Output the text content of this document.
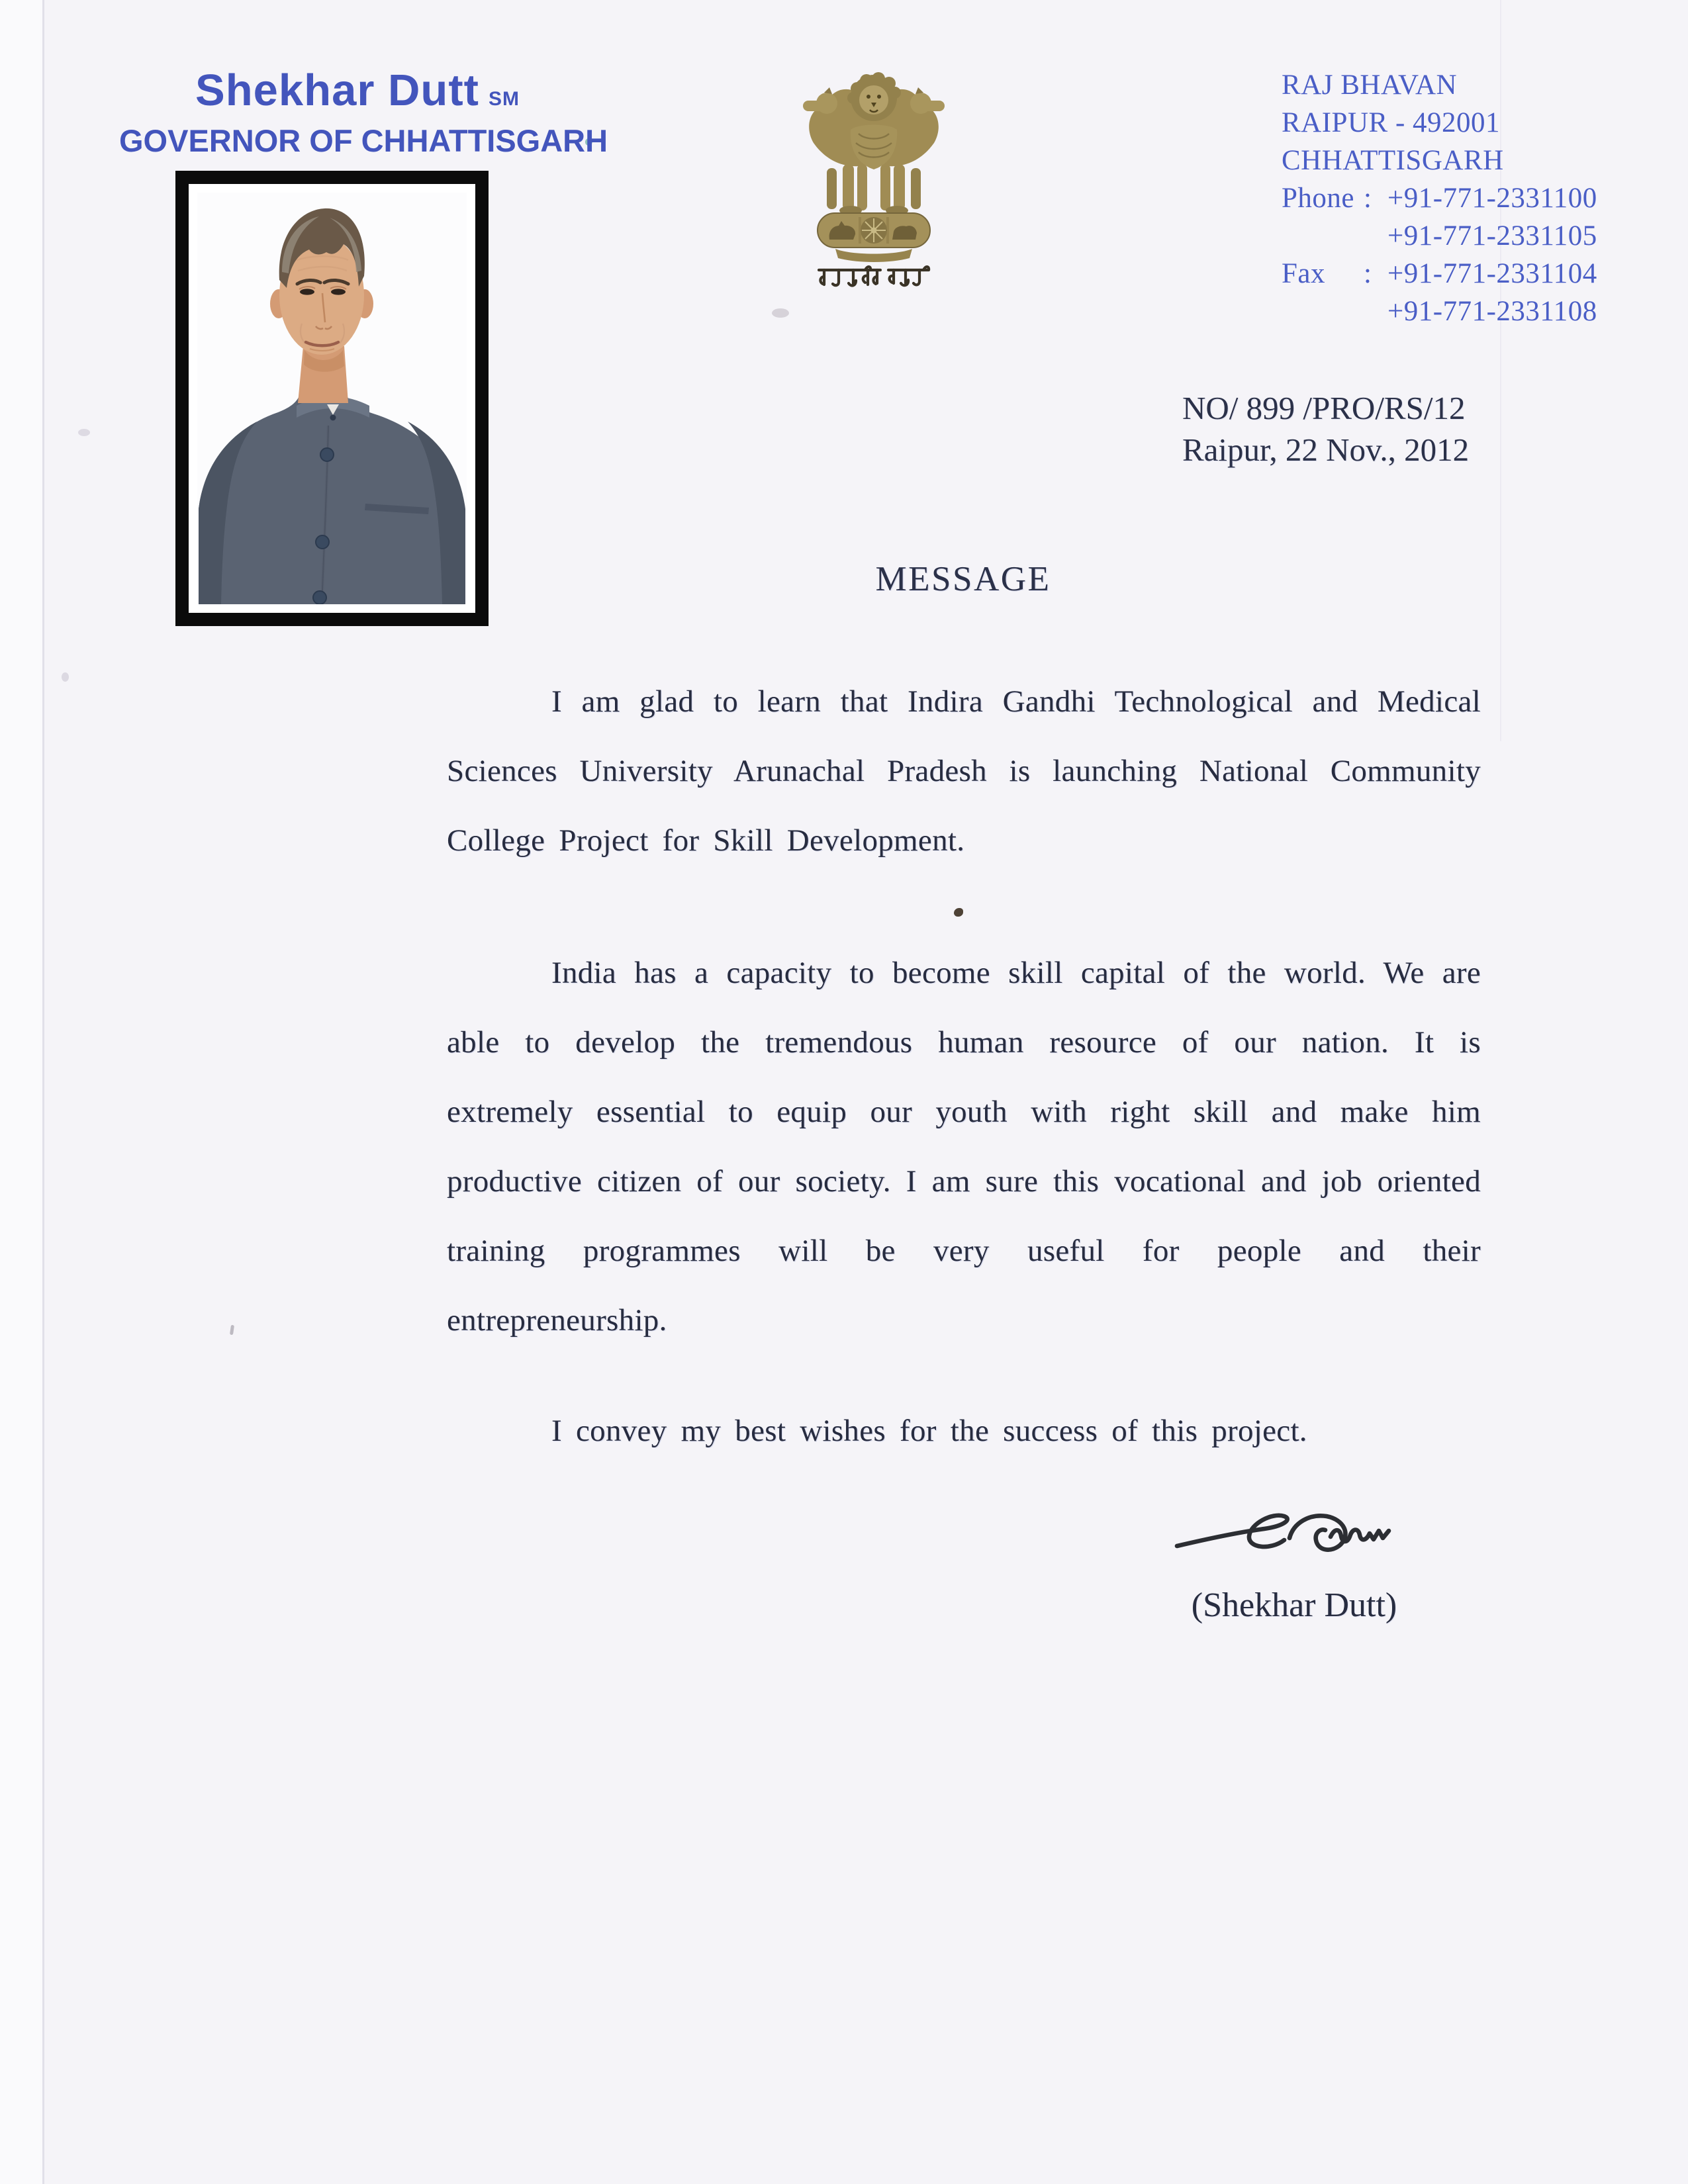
Shekhar Dutt SM
GOVERNOR OF CHHATTISGARH
RAJ BHAVAN
RAIPUR - 492001
CHHATTISGARH
Phone : +91-771-2331100
+91-771-2331105
Fax	: +91-771-2331104
+91-771-2331108
NO/ 899 /PRO/RS/12
Raipur, 22 Nov., 2012
MESSAGE

I am glad to learn that Indira Gandhi Technological and Medical Sciences University Arunachal Pradesh is launching National Community College Project for Skill Development.

India has a capacity to become skill capital of the world. We are able to develop the tremendous human resource of our nation. It is extremely essential to equip our youth with right skill and make him productive citizen of our society. I am sure this vocational and job oriented training programmes will be very useful for people and their entrepreneurship.

I convey my best wishes for the success of this project.

(Shekhar Dutt)
